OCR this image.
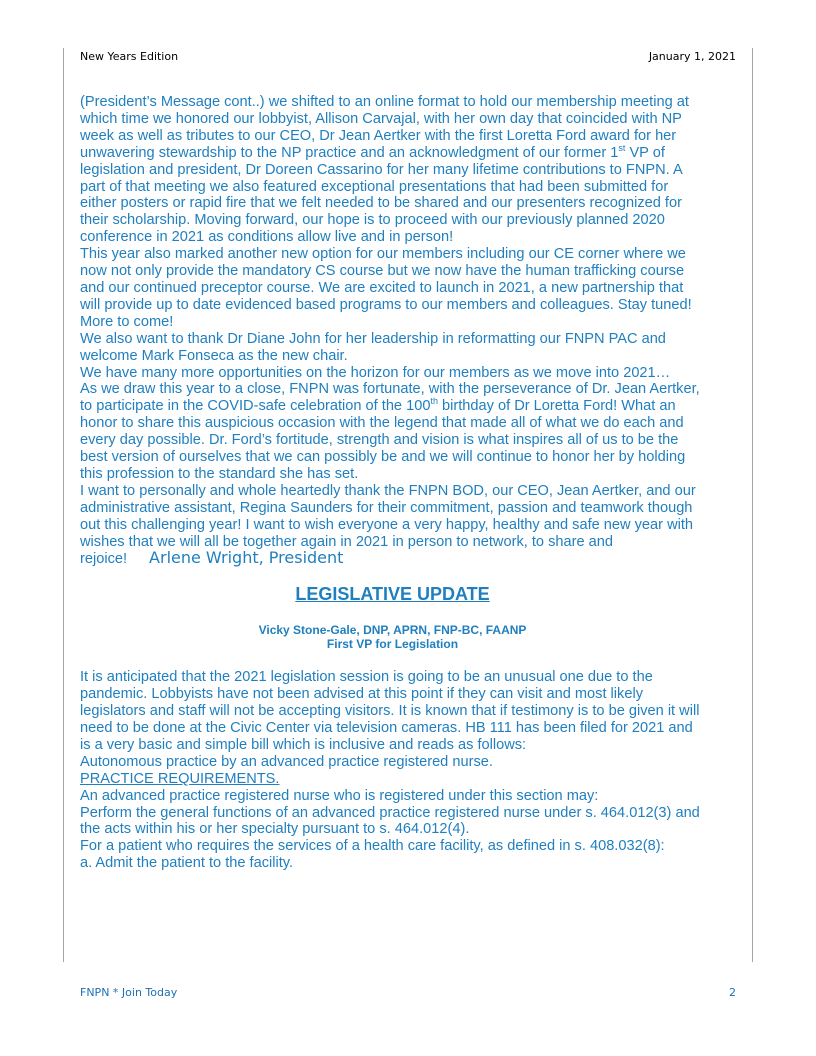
New Years Edition	January 1, 2021

(President’s Message cont..) we shifted to an online format to hold our membership meeting at which time we honored our lobbyist, Allison Carvajal, with her own day that coincided with NP week as well as tributes to our CEO, Dr Jean Aertker with the first Loretta Ford award for her unwavering stewardship to the NP practice and an acknowledgment of our former 1st VP of legislation and president, Dr Doreen Cassarino for her many lifetime contributions to FNPN. A part of that meeting we also featured exceptional presentations that had been submitted for either posters or rapid fire that we felt needed to be shared and our presenters recognized for their scholarship. Moving forward, our hope is to proceed with our previously planned 2020 conference in 2021 as conditions allow live and in person!

This year also marked another new option for our members including our CE corner where we now not only provide the mandatory CS course but we now have the human trafficking course and our continued preceptor course. We are excited to launch in 2021, a new partnership that will provide up to date evidenced based programs to our members and colleagues. Stay tuned! More to come!

We also want to thank Dr Diane John for her leadership in reformatting our FNPN PAC and welcome Mark Fonseca as the new chair.

We have many more opportunities on the horizon for our members as we move into 2021…

As we draw this year to a close, FNPN was fortunate, with the perseverance of Dr. Jean Aertker, to participate in the COVID-safe celebration of the 100th birthday of Dr Loretta Ford! What an honor to share this auspicious occasion with the legend that made all of what we do each and every day possible. Dr. Ford’s fortitude, strength and vision is what inspires all of us to be the best version of ourselves that we can possibly be and we will continue to honor her by holding this profession to the standard she has set.

I want to personally and whole heartedly thank the FNPN BOD, our CEO, Jean Aertker, and our administrative assistant, Regina Saunders for their commitment, passion and teamwork though out this challenging year! I want to wish everyone a very happy, healthy and safe new year with wishes that we will all be together again in 2021 in person to network, to share and rejoice! Arlene Wright, President

LEGISLATIVE UPDATE
Vicky Stone-Gale, DNP, APRN, FNP-BC, FAANP
First VP for Legislation

It is anticipated that the 2021 legislation session is going to be an unusual one due to the pandemic. Lobbyists have not been advised at this point if they can visit and most likely legislators and staff will not be accepting visitors. It is known that if testimony is to be given it will need to be done at the Civic Center via television cameras. HB 111 has been filed for 2021 and is a very basic and simple bill which is inclusive and reads as follows:

Autonomous practice by an advanced practice registered nurse.

PRACTICE REQUIREMENTS.

An advanced practice registered nurse who is registered under this section may:

Perform the general functions of an advanced practice registered nurse under s. 464.012(3) and the acts within his or her specialty pursuant to s. 464.012(4).

For a patient who requires the services of a health care facility, as defined in s. 408.032(8):

a. Admit the patient to the facility.

FNPN * Join Today	2
